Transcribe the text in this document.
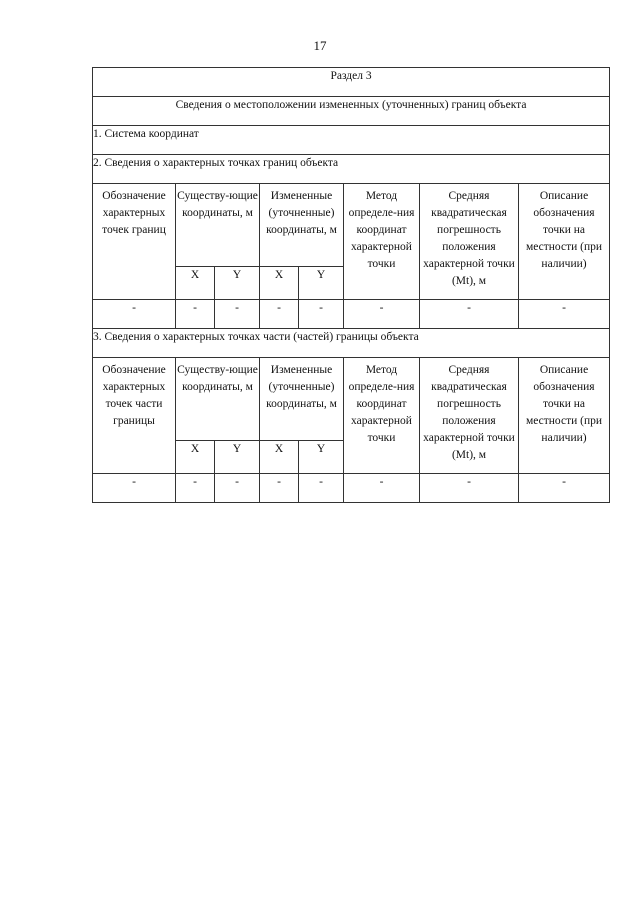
17
Раздел 3							
Сведения о местоположении измененных (уточненных) границ объекта							
1. Система координат							
2. Сведения о характерных точках границ объекта							
Обозначение характерных точек границ	Существу-ющие координаты, м		Измененные (уточненные) координаты, м		Метод определе-ния координат характерной точки	Средняя квадратическая погрешность положения характерной точки (Mt), м	Описание обозначения точки на местности (при наличии)
	X	Y	X	Y			
-	-	-	-	-	-	-	-
3. Сведения о характерных точках части (частей) границы объекта							
Обозначение характерных точек части границы	Существу-ющие координаты, м		Измененные (уточненные) координаты, м		Метод определе-ния координат характерной точки	Средняя квадратическая погрешность положения характерной точки (Mt), м	Описание обозначения точки на местности (при наличии)
	X	Y	X	Y			
-	-	-	-	-	-	-	-
